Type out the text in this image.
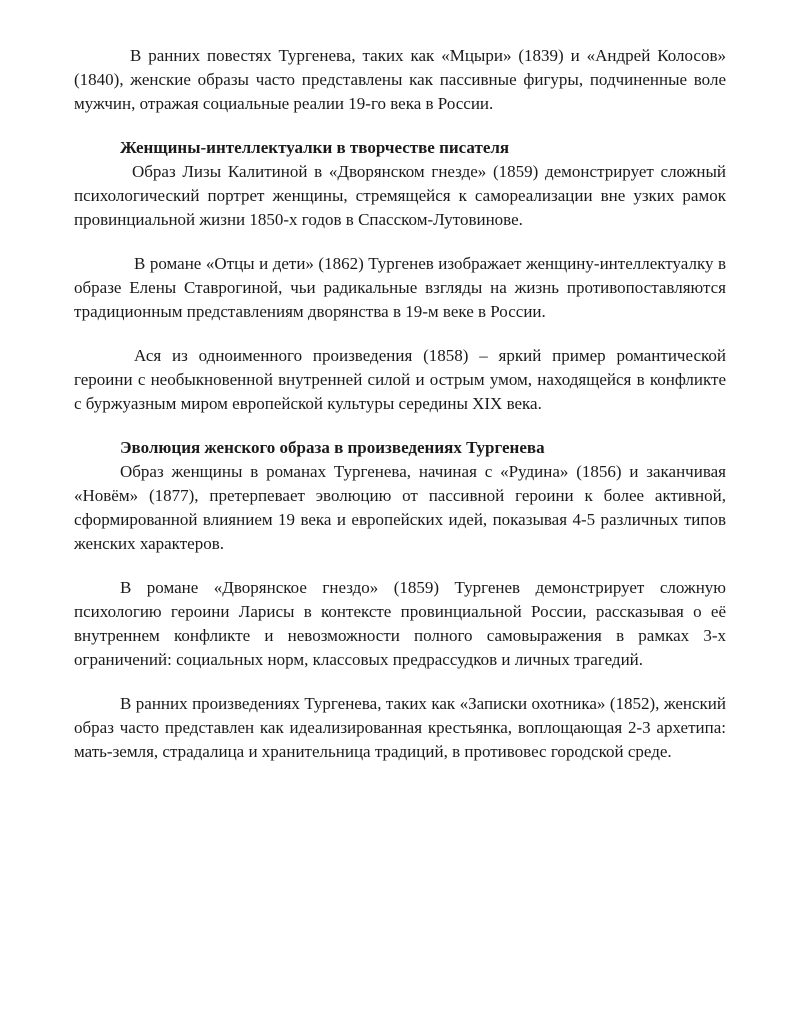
В ранних повестях Тургенева, таких как «Мцыри» (1839) и «Андрей Колосов» (1840), женские образы часто представлены как пассивные фигуры, подчиненные воле мужчин, отражая социальные реалии 19-го века в России.

Женщины-интеллектуалки в творчестве писателя

Образ Лизы Калитиной в «Дворянском гнезде» (1859) демонстрирует сложный психологический портрет женщины, стремящейся к самореализации вне узких рамок провинциальной жизни 1850-х годов в Спасском-Лутовинове.

В романе «Отцы и дети» (1862) Тургенев изображает женщину-интеллектуалку в образе Елены Ставрогиной, чьи радикальные взгляды на жизнь противопоставляются традиционным представлениям дворянства в 19-м веке в России.

Ася из одноименного произведения (1858) – яркий пример романтической героини с необыкновенной внутренней силой и острым умом, находящейся в конфликте с буржуазным миром европейской культуры середины XIX века.

Эволюция женского образа в произведениях Тургенева

Образ женщины в романах Тургенева, начиная с «Рудина» (1856) и заканчивая «Новём» (1877), претерпевает эволюцию от пассивной героини к более активной, сформированной влиянием 19 века и европейских идей, показывая 4-5 различных типов женских характеров.

В романе «Дворянское гнездо» (1859) Тургенев демонстрирует сложную психологию героини Ларисы в контексте провинциальной России, рассказывая о её внутреннем конфликте и невозможности полного самовыражения в рамках 3-х ограничений: социальных норм, классовых предрассудков и личных трагедий.

В ранних произведениях Тургенева, таких как «Записки охотника» (1852), женский образ часто представлен как идеализированная крестьянка, воплощающая 2-3 архетипа: мать-земля, страдалица и хранительница традиций, в противовес городской среде.
